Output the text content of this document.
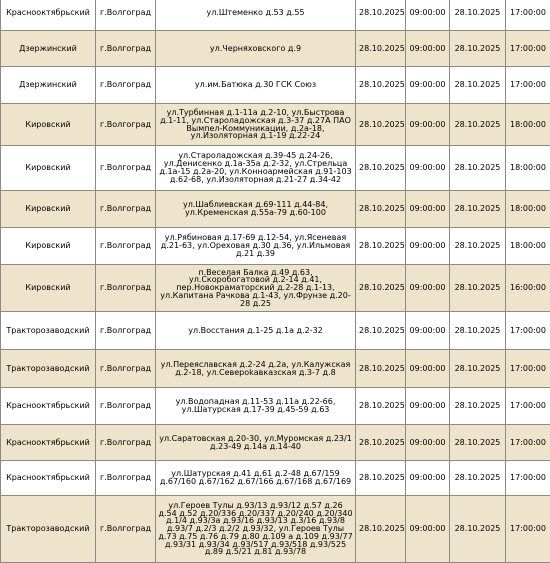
Краснооктябрьский	г.Волгоград	ул.Штеменко д.53 д.55	28.10.2025	09:00:00	28.10.2025	17:00:00
Дзержинский	г.Волгоград	ул.Черняховского д.9	28.10.2025	09:00:00	28.10.2025	17:00:00
Дзержинский	г.Волгоград	ул.им.Батюка д.30 ГСК Союз	28.10.2025	09:00:00	28.10.2025	17:00:00
Кировский	г.Волгоград	ул.Турбинная д.1-11а д.2-10, ул.Быстрова д.1-11, ул.Старoладожская д.3-37 д.27А ПАО Вымпел-Коммуникации, д.2а-18, ул.Изоляторная д.1-19 д.22-24	28.10.2025	09:00:00	28.10.2025	18:00:00
Кировский	г.Волгоград	ул.Староладожская д.39-45 д.24-26, ул.Денисенко д.1а-35а д.2-32, ул.Стрельца д.1а-15 д.2а-20, ул.Конноармейская д.91-103 д.62-68, ул.Изоляторная д.21-27 д.34-42	28.10.2025	09:00:00	28.10.2025	18:00:00
Кировский	г.Волгоград	ул.Шаблиевская д.69-111 д.44-84, ул.Кременская д.55а-79 д.60-100	28.10.2025	09:00:00	28.10.2025	18:00:00
Кировский	г.Волгоград	ул.Рябиновая д.17-69 д.12-54, ул.Ясеневая д.21-63, ул.Ореховая д.30 д.36, ул.Ильмовая д.21 д.39	28.10.2025	09:00:00	28.10.2025	18:00:00
Кировский	г.Волгоград	п.Веселая Балка д.49 д.63, ул.Скоробогатовой д.2-14 д.41, пер.Новокраматорский д.2-28 д.1-13, ул.Капитана Рачкова д.1-43, ул.Фрунзе д.20-28 д.25	28.10.2025	09:00:00	28.10.2025	16:00:00
Тракторозаводский	г.Волгоград	ул.Восстания д.1-25 д.1а д.2-32	28.10.2025	09:00:00	28.10.2025	17:00:00
Тракторозаводский	г.Волгоград	ул.Переяславская д.2-24 д.2а, ул.Калужская д.2-18, ул.Североkавказская д.3-7 д.8	28.10.2025	09:00:00	28.10.2025	17:00:00
Краснооктябрьский	г.Волгоград	ул.Водопадная д.11-53 д.11а д.22-66, ул.Шатурская д.17-39 д.45-59 д.63	28.10.2025	09:00:00	28.10.2025	17:00:00
Краснооктябрьский	г.Волгоград	ул.Саратовская д.20-30, ул.Муромская д.23/1 д.23-49 д.14а д.14-40	28.10.2025	09:00:00	28.10.2025	17:00:00
Краснооктябрьский	г.Волгоград	ул.Шатурская д.41 д.61 д.2-48 д.67/159 д.67/160 д.67/162 д.67/166 д.67/168 д.67/169	28.10.2025	09:00:00	28.10.2025	17:00:00
Тракторозаводский	г.Волгоград	ул.Героев Тулы д.93/13 д.93/12 д.57 д.26 д.54 д.52 д.20/336 д.20/337 д.20/240 д.20/340 д.1/4 д.93/3а д.93/16 д.93/13 д.3/16 д.93/8 д.93/7 д.2/3 д.2/2 д.93/32, ул.Героев Тулы д.73 д.75 д.76 д.79 д.80 д.109 а д.109 д.93/77 д.93/31 д.93/34 д.93/517 д.93/518 д.93/525 д.89 д.5/21 д.81 д.93/78	28.10.2025	09:00:00	28.10.2025	17:00:00
